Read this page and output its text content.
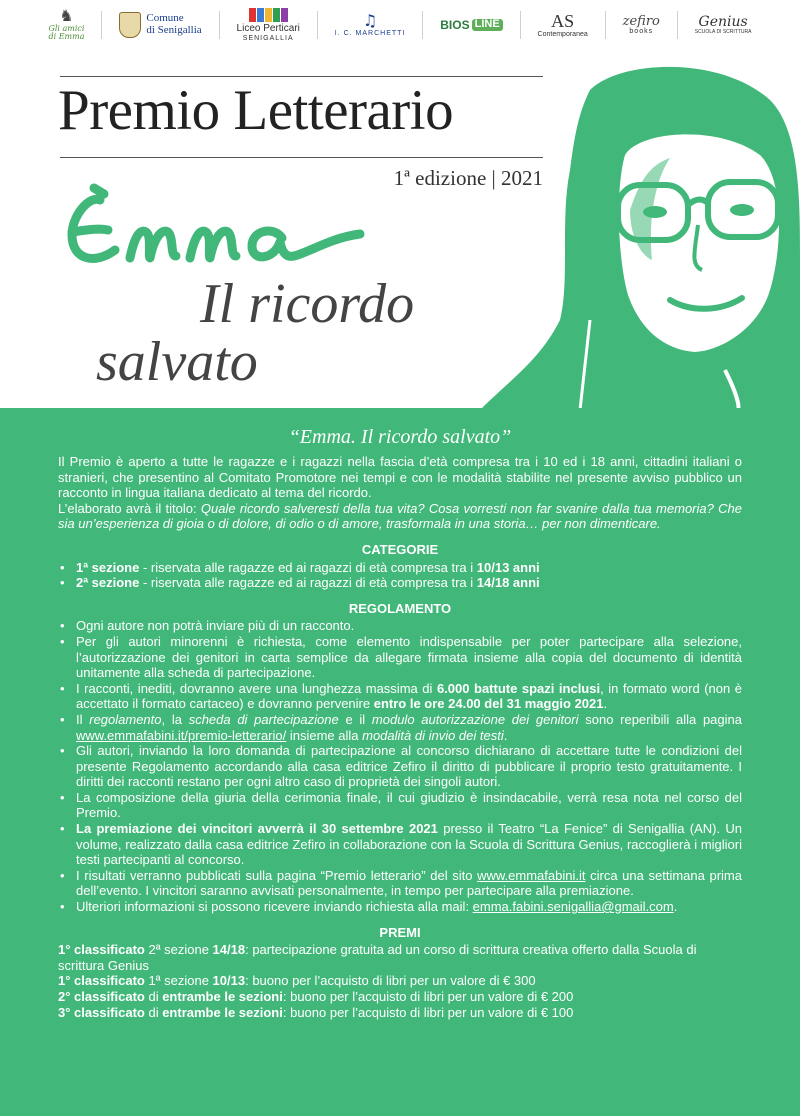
♞
Gli amici
di Emma
Comune
di Senigallia	Liceo Perticari
SENIGALLIA
♫
I. C. MARCHETTI
BIOS LINE	AS
Contemporanea
zefiro
books
Genius
SCUOLA DI SCRITTURA
Premio Letterario
1ª edizione | 2021
Il ricordo
salvato
“Emma. Il ricordo salvato”

Il Premio è aperto a tutte le ragazze e i ragazzi nella fascia d’età compresa tra i 10 ed i 18 anni, cittadini italiani o stranieri, che presentino al Comitato Promotore nei tempi e con le modalità stabilite nel presente avviso pubblico un racconto in lingua italiana dedicato al tema del ricordo.

L’elaborato avrà il titolo: Quale ricordo salveresti della tua vita? Cosa vorresti non far svanire dalla tua memoria? Che sia un’esperienza di gioia o di dolore, di odio o di amore, trasformala in una storia… per non dimenticare.

CATEGORIE
• 1ª sezione - riservata alle ragazze ed ai ragazzi di età compresa tra i 10/13 anni
• 2ª sezione - riservata alle ragazze ed ai ragazzi di età compresa tra i 14/18 anni
REGOLAMENTO
• Ogni autore non potrà inviare più di un racconto.
• Per gli autori minorenni è richiesta, come elemento indispensabile per poter partecipare alla selezione, l’autorizzazione dei genitori in carta semplice da allegare firmata insieme alla copia del documento di identità unitamente alla scheda di partecipazione.
• I racconti, inediti, dovranno avere una lunghezza massima di 6.000 battute spazi inclusi, in formato word (non è accettato il formato cartaceo) e dovranno pervenire entro le ore 24.00 del 31 maggio 2021.
• Il regolamento, la scheda di partecipazione e il modulo autorizzazione dei genitori sono reperibili alla pagina www.emmafabini.it/premio-letterario/ insieme alla modalità di invio dei testi.
• Gli autori, inviando la loro domanda di partecipazione al concorso dichiarano di accettare tutte le condizioni del presente Regolamento accordando alla casa editrice Zefiro il diritto di pubblicare il proprio testo gratuitamente. I diritti dei racconti restano per ogni altro caso di proprietà dei singoli autori.
• La composizione della giuria della cerimonia finale, il cui giudizio è insindacabile, verrà resa nota nel corso del Premio.
• La premiazione dei vincitori avverrà il 30 settembre 2021 presso il Teatro “La Fenice” di Senigallia (AN). Un volume, realizzato dalla casa editrice Zefiro in collaborazione con la Scuola di Scrittura Genius, raccoglierà i migliori testi partecipanti al concorso.
• I risultati verranno pubblicati sulla pagina “Premio letterario” del sito www.emmafabini.it circa una settimana prima dell’evento. I vincitori saranno avvisati personalmente, in tempo per partecipare alla premiazione.
• Ulteriori informazioni si possono ricevere inviando richiesta alla mail: emma.fabini.senigallia@gmail.com.
PREMI

1° classificato 2ª sezione 14/18: partecipazione gratuita ad un corso di scrittura creativa offerto dalla Scuola di scrittura Genius

1° classificato 1ª sezione 10/13: buono per l’acquisto di libri per un valore di € 300

2° classificato di entrambe le sezioni: buono per l’acquisto di libri per un valore di € 200

3° classificato di entrambe le sezioni: buono per l’acquisto di libri per un valore di € 100
